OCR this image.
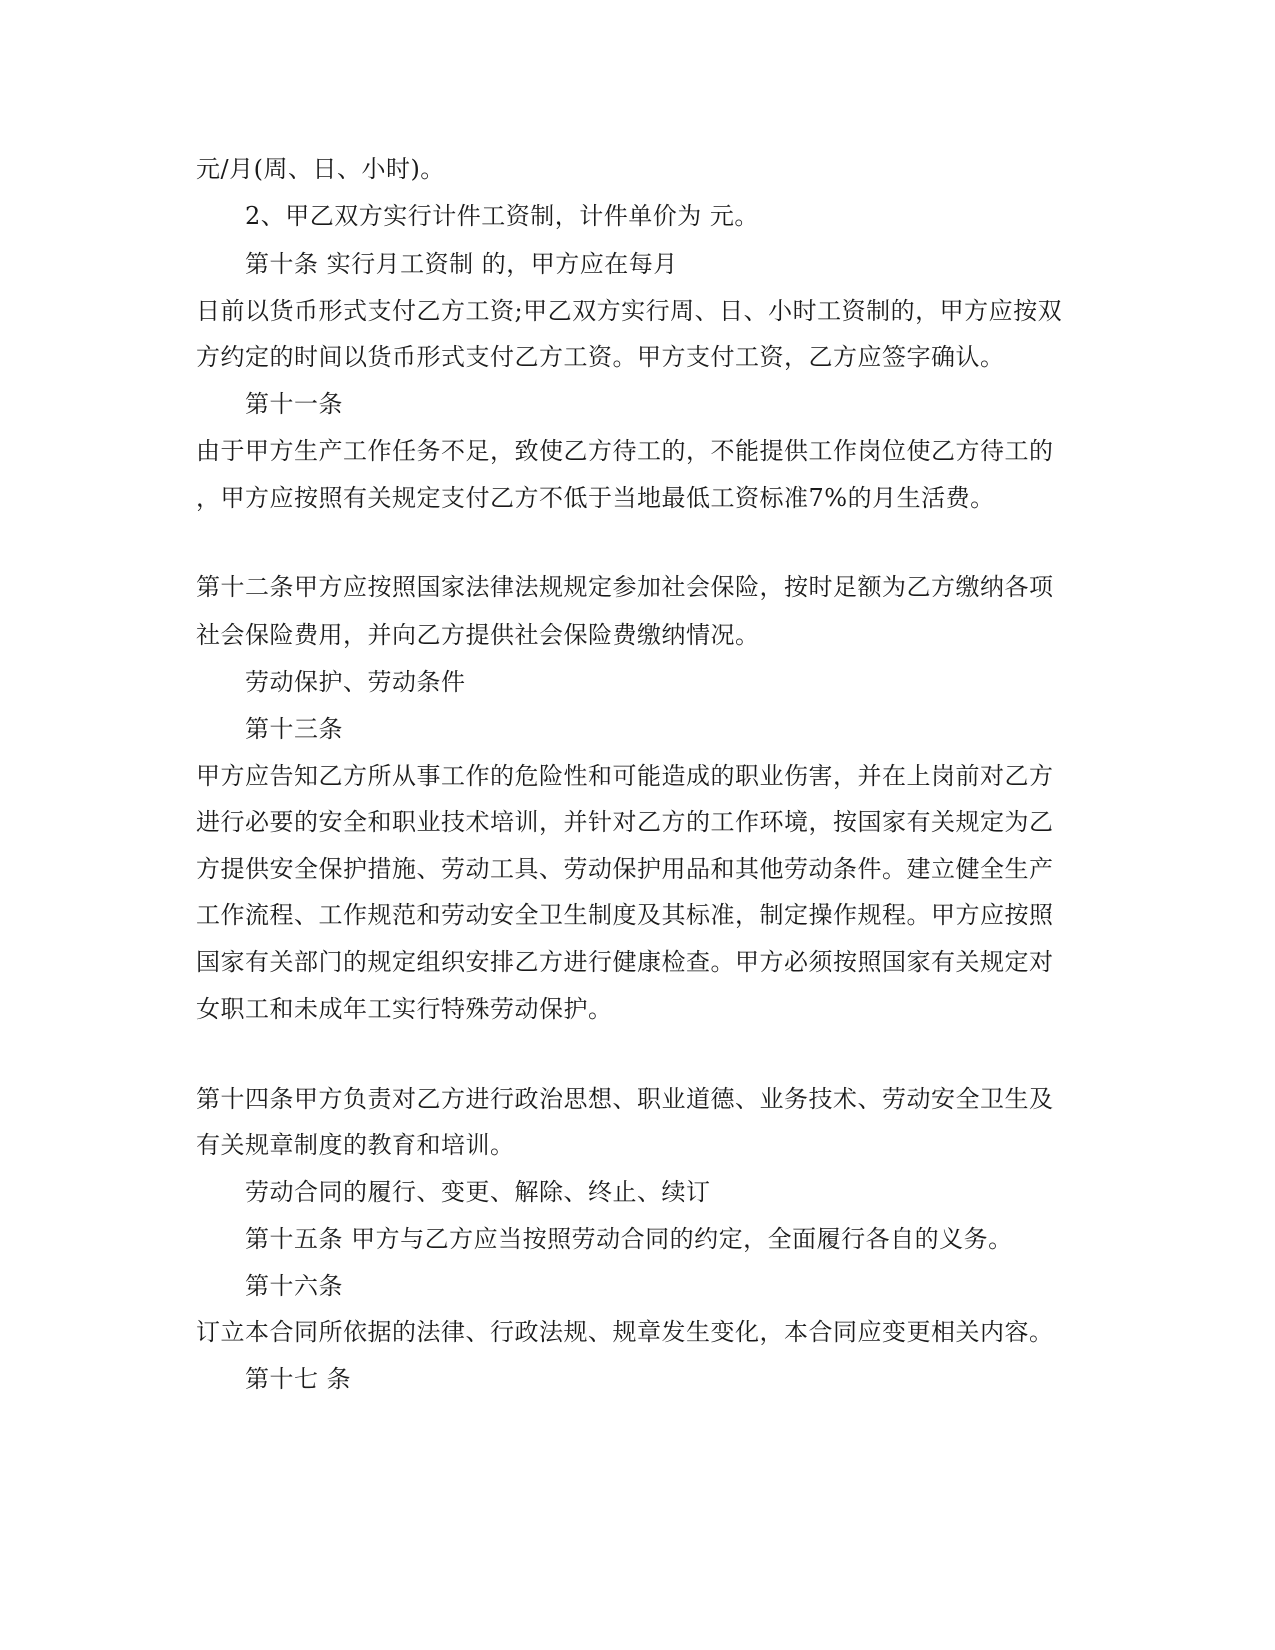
元/月(周、日、小时)。
2、甲乙双方实行计件工资制，计件单价为 元。
第十条 实行月工资制 的，甲方应在每月
日前以货币形式支付乙方工资;甲乙双方实行周、日、小时工资制的，甲方应按双
方约定的时间以货币形式支付乙方工资。甲方支付工资，乙方应签字确认。
第十一条
由于甲方生产工作任务不足，致使乙方待工的，不能提供工作岗位使乙方待工的
，甲方应按照有关规定支付乙方不低于当地最低工资标准7%的月生活费。
第十二条甲方应按照国家法律法规规定参加社会保险，按时足额为乙方缴纳各项
社会保险费用，并向乙方提供社会保险费缴纳情况。
劳动保护、劳动条件
第十三条
甲方应告知乙方所从事工作的危险性和可能造成的职业伤害，并在上岗前对乙方
进行必要的安全和职业技术培训，并针对乙方的工作环境，按国家有关规定为乙
方提供安全保护措施、劳动工具、劳动保护用品和其他劳动条件。建立健全生产
工作流程、工作规范和劳动安全卫生制度及其标准，制定操作规程。甲方应按照
国家有关部门的规定组织安排乙方进行健康检查。甲方必须按照国家有关规定对
女职工和未成年工实行特殊劳动保护。
第十四条甲方负责对乙方进行政治思想、职业道德、业务技术、劳动安全卫生及
有关规章制度的教育和培训。
劳动合同的履行、变更、解除、终止、续订
第十五条 甲方与乙方应当按照劳动合同的约定，全面履行各自的义务。
第十六条
订立本合同所依据的法律、行政法规、规章发生变化，本合同应变更相关内容。
第十七 条
